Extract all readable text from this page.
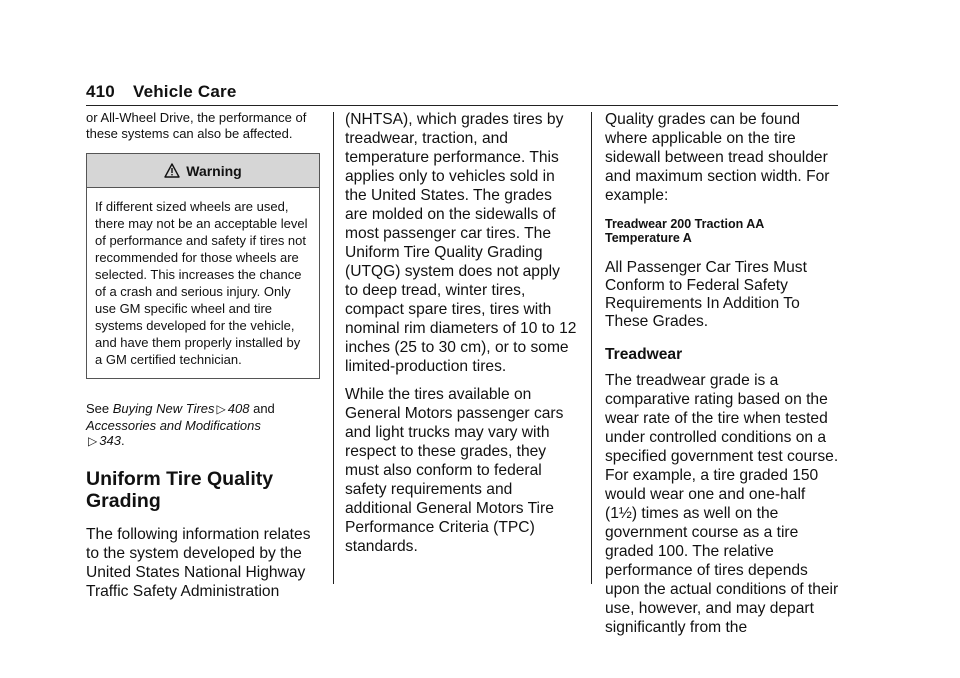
410 Vehicle Care

or All-Wheel Drive, the performance of these systems can also be affected.

Warning

If different sized wheels are used, there may not be an acceptable level of performance and safety if tires not recommended for those wheels are selected. This increases the chance of a crash and serious injury. Only use GM specific wheel and tire systems developed for the vehicle, and have them properly installed by a GM certified technician.

See Buying New Tires ▷ 408 and Accessories and Modifications
▷ 343.

Uniform Tire Quality Grading

The following information relates to the system developed by the United States National Highway Traffic Safety Administration

(NHTSA), which grades tires by treadwear, traction, and temperature performance. This applies only to vehicles sold in the United States. The grades are molded on the sidewalls of most passenger car tires. The Uniform Tire Quality Grading (UTQG) system does not apply to deep tread, winter tires, compact spare tires, tires with nominal rim diameters of 10 to 12 inches (25 to 30 cm), or to some limited-production tires.

While the tires available on General Motors passenger cars and light trucks may vary with respect to these grades, they must also conform to federal safety requirements and additional General Motors Tire Performance Criteria (TPC) standards.

Quality grades can be found where applicable on the tire sidewall between tread shoulder and maximum section width. For example:

Treadwear 200 Traction AA Temperature A

All Passenger Car Tires Must Conform to Federal Safety Requirements In Addition To These Grades.

Treadwear

The treadwear grade is a comparative rating based on the wear rate of the tire when tested under controlled conditions on a specified government test course. For example, a tire graded 150 would wear one and one-half (1½) times as well on the government course as a tire graded 100. The relative performance of tires depends upon the actual conditions of their use, however, and may depart significantly from the
